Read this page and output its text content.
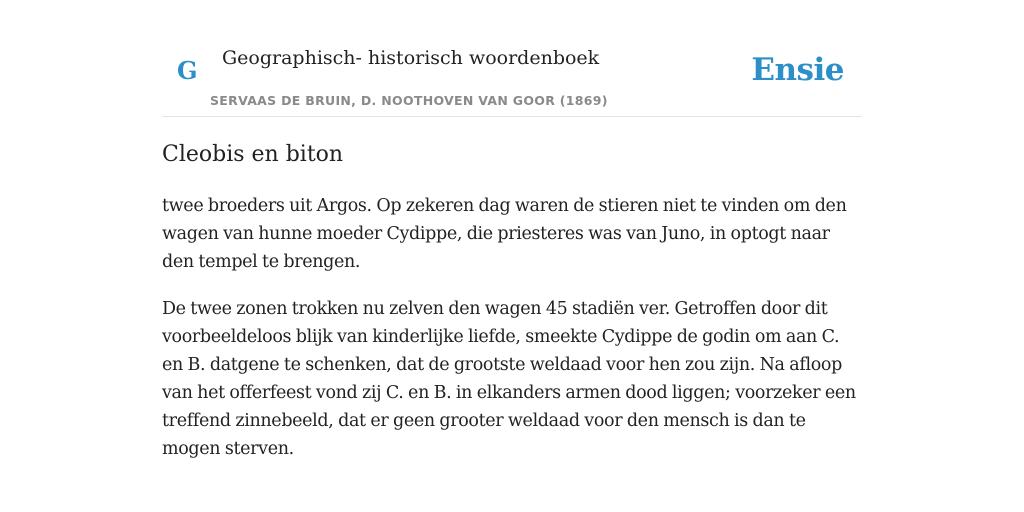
G Geographisch- historisch woordenboek
SERVAAS DE BRUIN, D. NOOTHOVEN VAN GOOR (1869)
Ensie
Cleobis en biton

twee broeders uit Argos. Op zekeren dag waren de stieren niet te vinden om den wagen van hunne moeder Cydippe, die priesteres was van Juno, in optogt naar den tempel te brengen.

De twee zonen trokken nu zelven den wagen 45 stadiën ver. Getroffen door dit voorbeeldeloos blijk van kinderlijke liefde, smeekte Cydippe de godin om aan C. en B. datgene te schenken, dat de grootste weldaad voor hen zou zijn. Na afloop van het offerfeest vond zij C. en B. in elkanders armen dood liggen; voorzeker een treffend zinnebeeld, dat er geen grooter weldaad voor den mensch is dan te mogen sterven.
